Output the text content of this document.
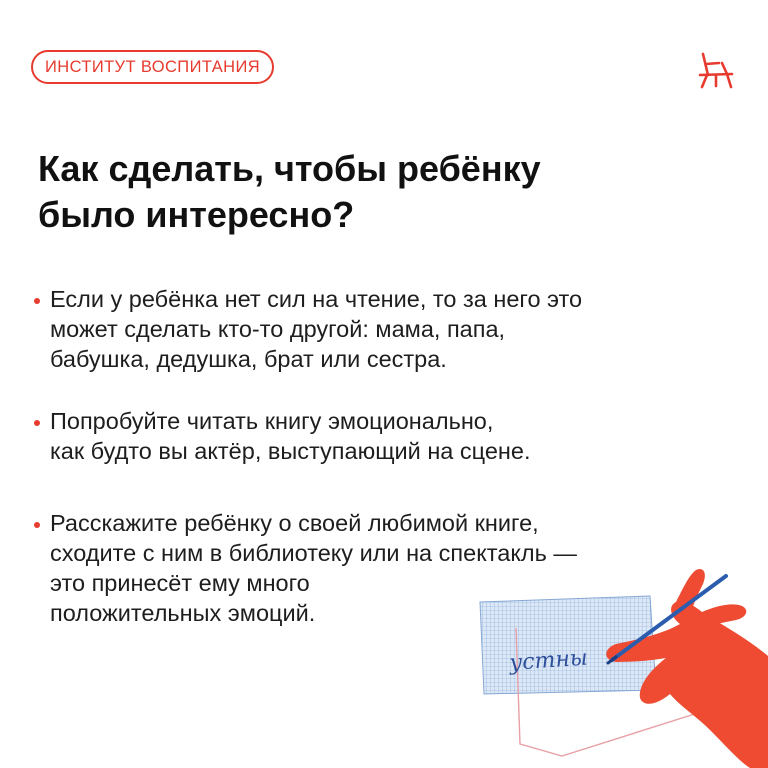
ИНСТИТУТ ВОСПИТАНИЯ
Как сделать, чтобы ребёнку
было интересно?
Если у ребёнка нет сил на чтение, то за него это
может сделать кто-то другой: мама, папа,
бабушка, дедушка, брат или сестра.
Попробуйте читать книгу эмоционально,
как будто вы актёр, выступающий на сцене.
Расскажите ребёнку о своей любимой книге,
сходите с ним в библиотеку или на спектакль —
это принесёт ему много
положительных эмоций.
устны
